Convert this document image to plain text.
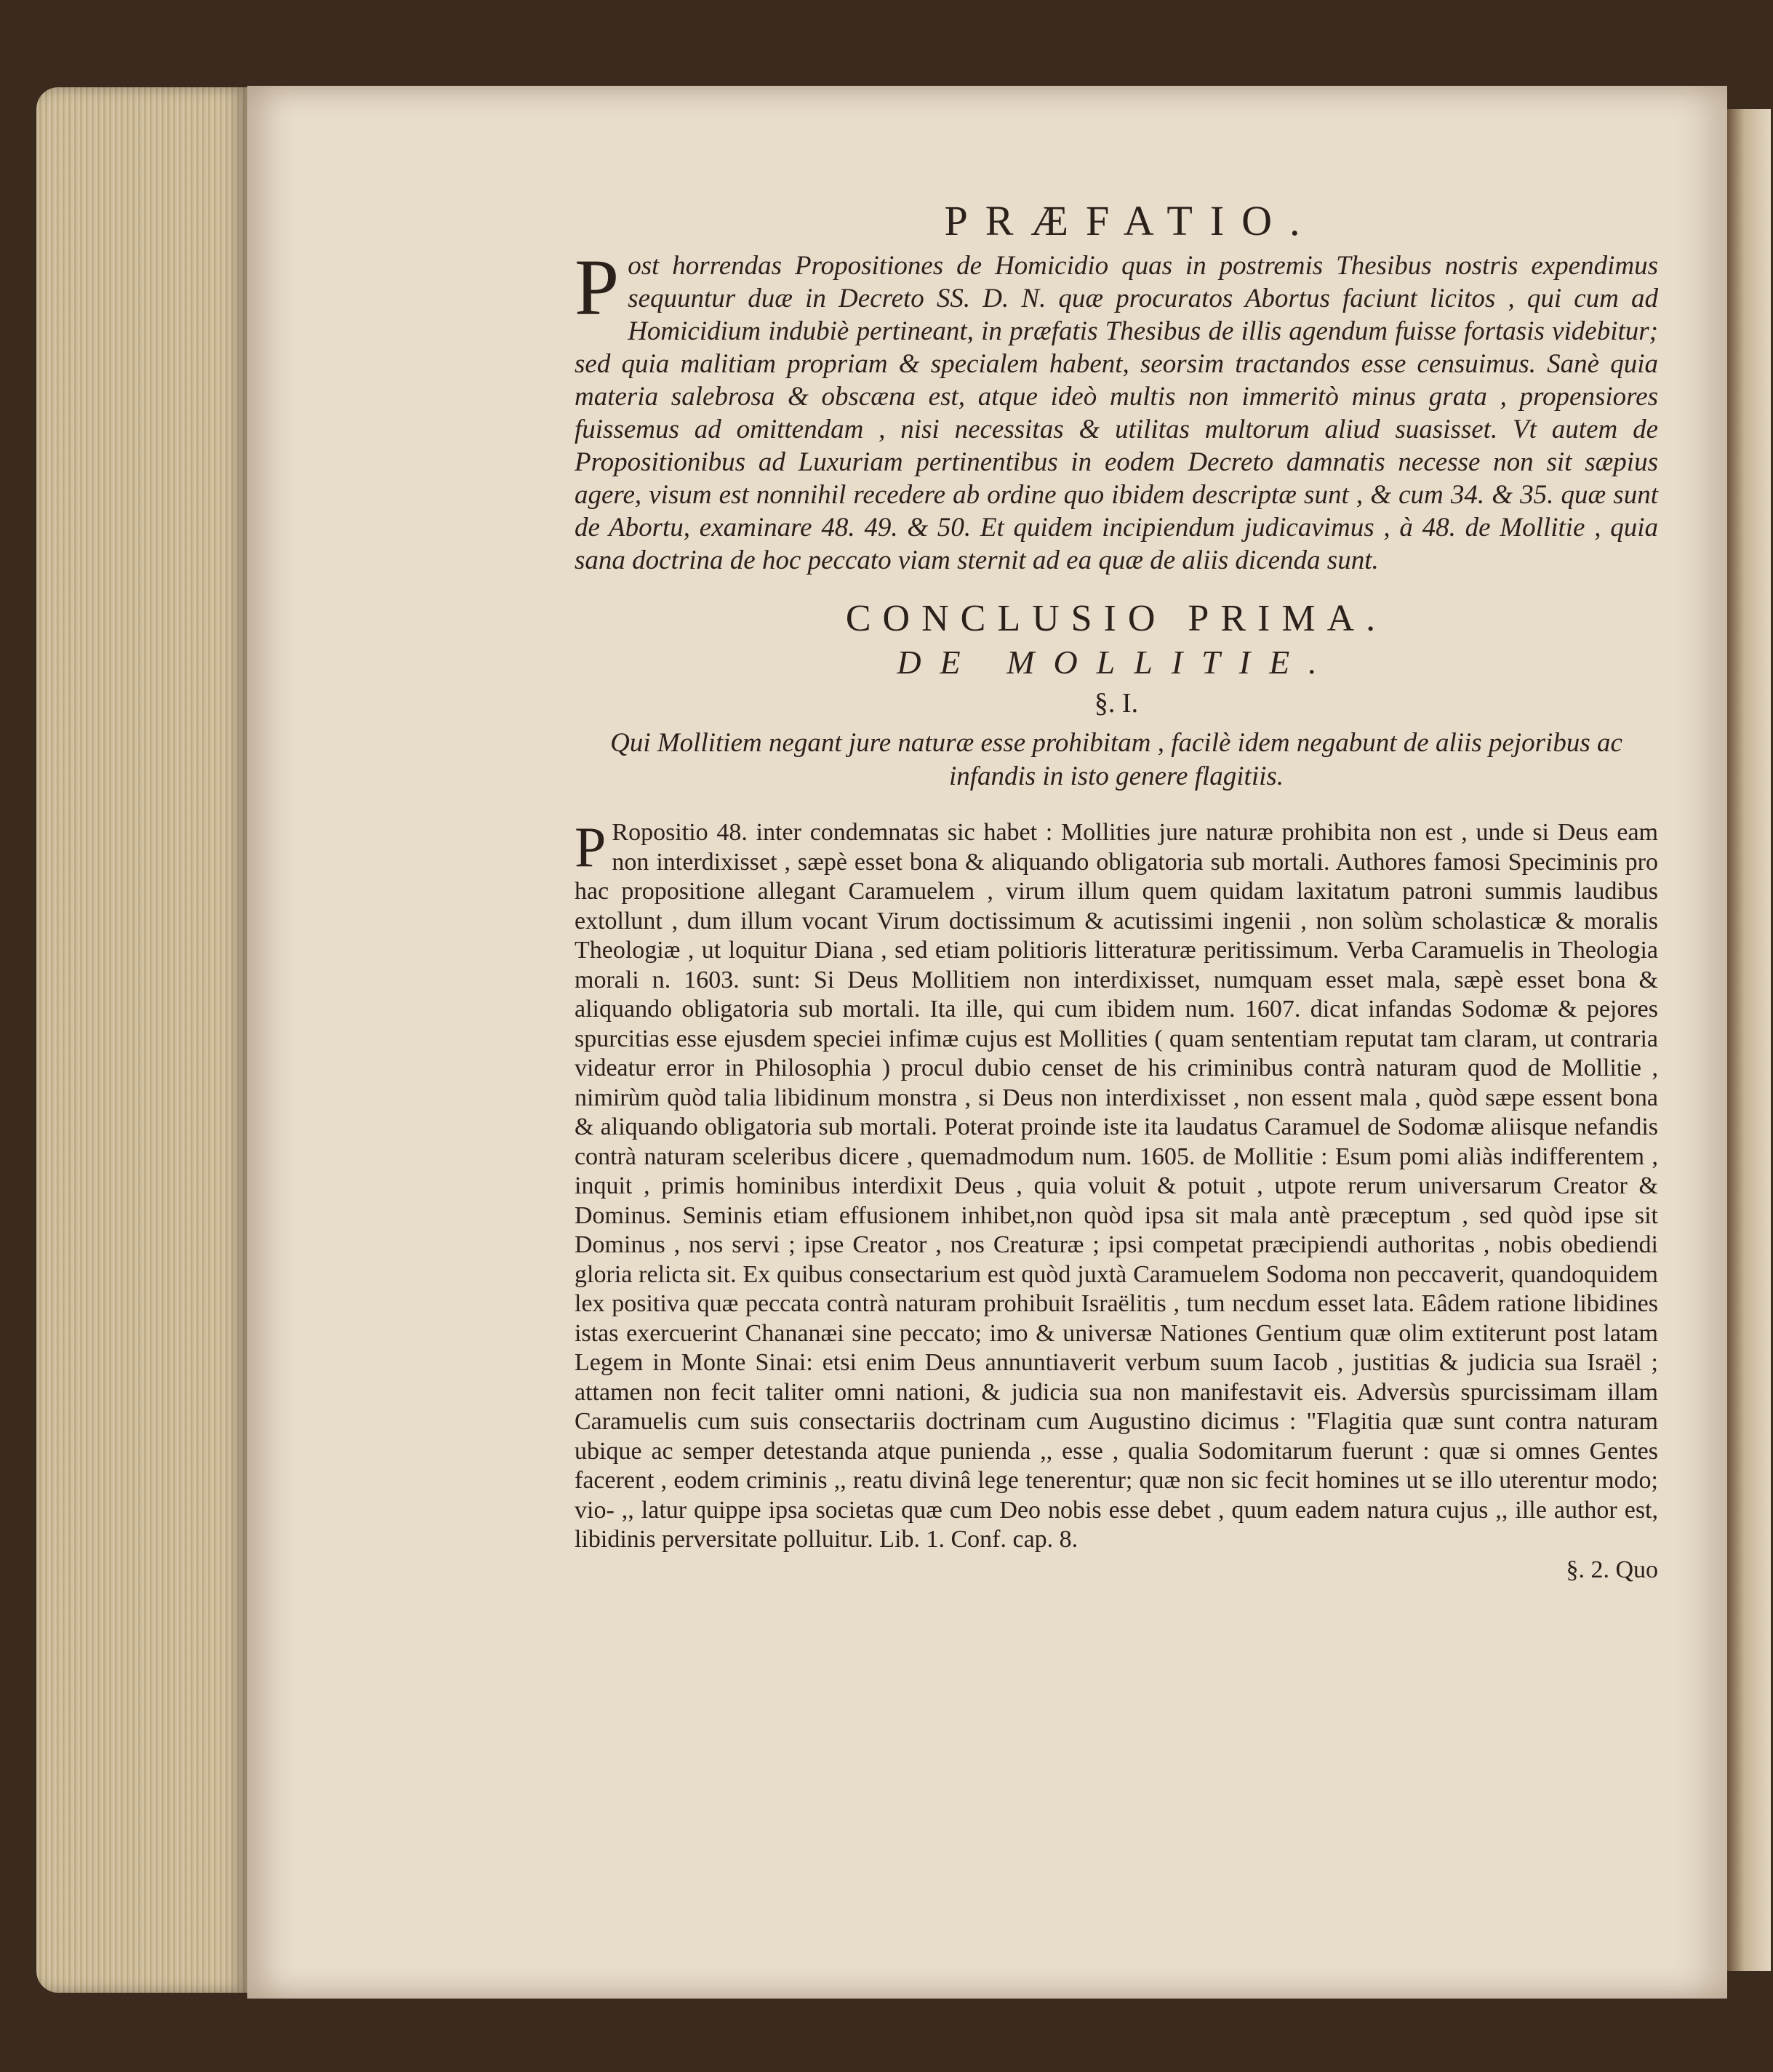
PRÆFATIO.

Post horrendas Propositiones de Homicidio quas in postremis Thesibus nostris expendimus sequuntur duæ in Decreto SS. D. N. quæ procuratos Abortus faciunt licitos , qui cum ad Homicidium indubiè pertineant, in præfatis Thesibus de illis agendum fuisse fortasis videbitur; sed quia malitiam propriam & specialem habent, seorsim tractandos esse censuimus. Sanè quia materia salebrosa & obscæna est, atque ideò multis non immeritò minus grata , propensiores fuissemus ad omittendam , nisi necessitas & utilitas multorum aliud suasisset. Vt autem de Propositionibus ad Luxuriam pertinentibus in eodem Decreto damnatis necesse non sit sæpius agere, visum est nonnihil recedere ab ordine quo ibidem descriptæ sunt , & cum 34. & 35. quæ sunt de Abortu, examinare 48. 49. & 50. Et quidem incipiendum judicavimus , à 48. de Mollitie , quia sana doctrina de hoc peccato viam sternit ad ea quæ de aliis dicenda sunt.

CONCLUSIO PRIMA.
DE MOLLITIE.
§. I.
Qui Mollitiem negant jure naturæ esse prohibitam , facilè idem negabunt de aliis pejoribus ac infandis in isto genere flagitiis.

P Ropositio 48. inter condemnatas sic habet : Mollities jure naturæ prohibita non est , unde si Deus eam non interdixisset , sæpè esset bona & aliquando obligatoria sub mortali. Authores famosi Speciminis pro hac propositione allegant Caramuelem , virum illum quem quidam laxitatum patroni summis laudibus extollunt , dum illum vocant Virum doctissimum & acutissimi ingenii , non solùm scholasticæ & moralis Theologiæ , ut loquitur Diana , sed etiam politioris litteraturæ peritissimum. Verba Caramuelis in Theologia morali n. 1603. sunt: Si Deus Mollitiem non interdixisset, numquam esset mala, sæpè esset bona & aliquando obligatoria sub mortali. Ita ille, qui cum ibidem num. 1607. dicat infandas Sodomæ & pejores spurcitias esse ejusdem speciei infimæ cujus est Mollities ( quam sententiam reputat tam claram, ut contraria videatur error in Philosophia ) procul dubio censet de his criminibus contrà naturam quod de Mollitie , nimirùm quòd talia libidinum monstra , si Deus non interdixisset , non essent mala , quòd sæpe essent bona & aliquando obligatoria sub mortali. Poterat proinde iste ita laudatus Caramuel de Sodomæ aliisque nefandis contrà naturam sceleribus dicere , quemadmodum num. 1605. de Mollitie : Esum pomi aliàs indifferentem , inquit , primis hominibus interdixit Deus , quia voluit & potuit , utpote rerum universarum Creator & Dominus. Seminis etiam effusionem inhibet,non quòd ipsa sit mala antè præceptum , sed quòd ipse sit Dominus , nos servi ; ipse Creator , nos Creaturæ ; ipsi competat præcipiendi authoritas , nobis obediendi gloria relicta sit. Ex quibus consectarium est quòd juxtà Caramuelem Sodoma non peccaverit, quandoquidem lex positiva quæ peccata contrà naturam prohibuit Israëlitis , tum necdum esset lata. Eâdem ratione libidines istas exercuerint Chananæi sine peccato; imo & universæ Nationes Gentium quæ olim extiterunt post latam Legem in Monte Sinai: etsi enim Deus annuntiaverit verbum suum Iacob , justitias & judicia sua Israël ; attamen non fecit taliter omni nationi, & judicia sua non manifestavit eis. Adversùs spurcissimam illam Caramuelis cum suis consectariis doctrinam cum Augustino dicimus : "Flagitia quæ sunt contra naturam ubique ac semper detestanda atque punienda ,, esse , qualia Sodomitarum fuerunt : quæ si omnes Gentes facerent , eodem criminis ,, reatu divinâ lege tenerentur; quæ non sic fecit homines ut se illo uterentur modo; vio- ,, latur quippe ipsa societas quæ cum Deo nobis esse debet , quum eadem natura cujus ,, ille author est, libidinis perversitate polluitur. Lib. 1. Conf. cap. 8.

§. 2. Quo
